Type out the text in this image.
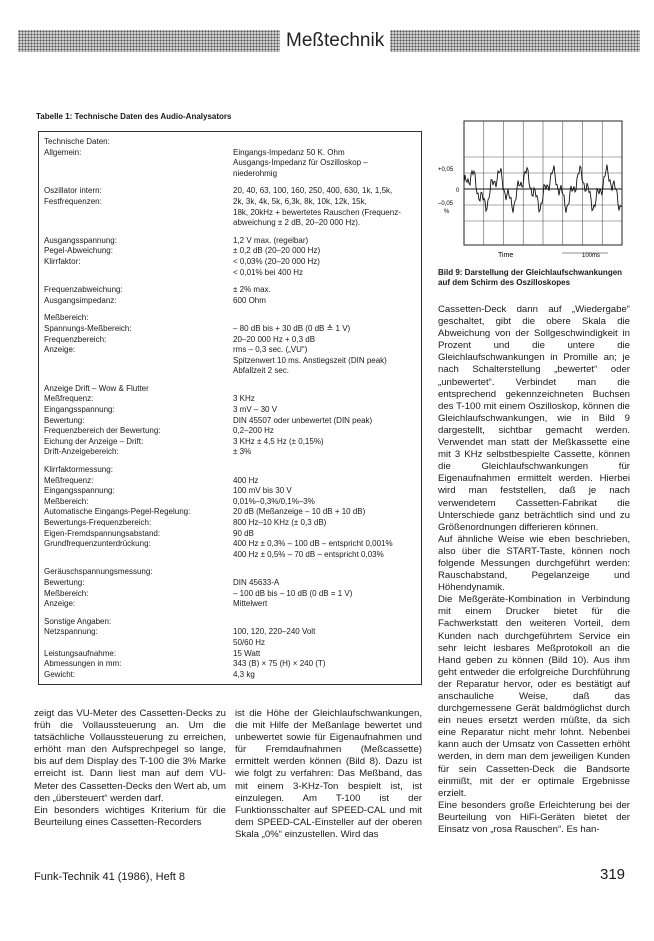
Meßtechnik
Tabelle 1: Technische Daten des Audio-Analysators
Technische Daten:
Allgemein:	Eingangs-Impedanz 50 K. Ohm
Ausgangs-Impedanz für Oszilloskop –
niederohmig
Oszillator intern:	20, 40, 63, 100, 160, 250, 400, 630, 1k, 1,5k,
Festfrequenzen:	2k, 3k, 4k, 5k, 6,3k, 8k, 10k, 12k, 15k,
18k, 20kHz + bewertetes Rauschen (Frequenz-
abweichung ± 2 dB, 20–20 000 Hz).
Ausgangsspannung:	1,2 V max. (regelbar)
Pegel-Abweichung:	± 0,2 dB (20–20 000 Hz)
Klirrfaktor:	< 0,03% (20–20 000 Hz)
< 0,01% bei 400 Hz
Frequenzabweichung:	± 2% max.
Ausgangsimpedanz:	600 Ohm
Meßbereich:
Spannungs-Meßbereich:	– 80 dB bis + 30 dB (0 dB ≙ 1 V)
Frequenzbereich:	20–20 000 Hz + 0,3 dB
Anzeige:	rms – 0,3 sec. („VU“)
Spitzenwert 10 ms. Anstiegszeit (DIN peak)
Abfallzeit 2 sec.
Anzeige Drift – Wow & Flutter
Meßfrequenz:	3 KHz
Eingangsspannung:	3 mV – 30 V
Bewertung:	DIN 45507 oder unbewertet (DIN peak)
Frequenzbereich der Bewertung:	0,2–200 Hz
Eichung der Anzeige – Drift:	3 KHz ± 4,5 Hz (± 0,15%)
Drift-Anzeigebereich:	± 3%
Klirrfaktormessung:
Meßfrequenz:	400 Hz
Eingangsspannung:	100 mV bis 30 V
Meßbereich:	0,01%–0,3%/0,1%–3%
Automatische Eingangs-Pegel-Regelung:	20 dB (Meßanzeige – 10 dB + 10 dB)
Bewertungs-Frequenzbereich:	800 Hz–10 KHz (± 0,3 dB)
Eigen-Fremdspannungsabstand:	90 dB
Grundfrequenzunterdrückung:	400 Hz ± 0,3% – 100 dB – entspricht 0,001%
400 Hz ± 0,5% – 70 dB – entspricht 0,03%
Geräuschspannungsmessung:
Bewertung:	DIN 45633-A
Meßbereich:	– 100 dB bis – 10 dB (0 dB = 1 V)
Anzeige:	Mittelwert
Sonstige Angaben:
Netzspannung:	100, 120, 220–240 Volt
50/60 Hz
Leistungsaufnahme:	15 Watt
Abmessungen in mm:	343 (B) × 75 (H) × 240 (T)
Gewicht:	4,3 kg
+0,05
0
–0,05
%
Time	100ms
Bild 9: Darstellung der Gleichlaufschwankungen auf dem Schirm des Oszilloskopes

zeigt das VU-Meter des Cassetten-Decks zu früh die Vollaussteuerung an. Um die tatsächliche Vollaussteuerung zu erreichen, erhöht man den Aufsprechpegel so lange, bis auf dem Display des T-100 die 3% Marke erreicht ist. Dann liest man auf dem VU-Meter des Cassetten-Decks den Wert ab, um den „übersteuert“ werden darf.

Ein besonders wichtiges Kriterium für die Beurteilung eines Cassetten-Recorders

ist die Höhe der Gleichlaufschwankungen, die mit Hilfe der Meßanlage bewertet und unbewertet sowie für Eigenaufnahmen und für Fremdaufnahmen (Meßcassette) ermittelt werden können (Bild 8). Dazu ist wie folgt zu verfahren: Das Meßband, das mit einem 3-KHz-Ton bespielt ist, ist einzulegen. Am T-100 ist der Funktionsschalter auf SPEED-CAL und mit dem SPEED-CAL-Einsteller auf der oberen Skala „0%“ einzustellen. Wird das

Cassetten-Deck dann auf „Wiedergabe“ geschaltet, gibt die obere Skala die Abweichung von der Sollgeschwindigkeit in Prozent und die untere die Gleichlaufschwankungen in Promille an; je nach Schalterstellung „bewertet“ oder „unbewertet“. Verbindet man die entsprechend gekennzeichneten Buchsen des T-100 mit einem Oszilloskop, können die Gleichlaufschwankungen, wie in Bild 9 dargestellt, sichtbar gemacht werden. Verwendet man statt der Meßkassette eine mit 3 KHz selbstbespielte Cassette, können die Gleichlaufschwankungen für Eigenaufnahmen ermittelt werden. Hierbei wird man feststellen, daß je nach verwendetem Cassetten-Fabrikat die Unterschiede ganz beträchtlich sind und zu Größenordnungen differieren können.

Auf ähnliche Weise wie eben beschrieben, also über die START-Taste, können noch folgende Messungen durchgeführt werden: Rauschabstand, Pegelanzeige und Höhendynamik.

Die Meßgeräte-Kombination in Verbindung mit einem Drucker bietet für die Fachwerkstatt den weiteren Vorteil, dem Kunden nach durchgeführtem Service ein sehr leicht lesbares Meßprotokoll an die Hand geben zu können (Bild 10). Aus ihm geht entweder die erfolgreiche Durchführung der Reparatur hervor, oder es bestätigt auf anschauliche Weise, daß das durchgemessene Gerät baldmöglichst durch ein neues ersetzt werden müßte, da sich eine Reparatur nicht mehr lohnt. Nebenbei kann auch der Umsatz von Cassetten erhöht werden, in dem man dem jeweiligen Kunden für sein Cassetten-Deck die Bandsorte einmißt, mit der er optimale Ergebnisse erzielt.

Eine besonders große Erleichterung bei der Beurteilung von HiFi-Geräten bietet der Einsatz von „rosa Rauschen“. Es han-

Funk-Technik 41 (1986), Heft 8	319
